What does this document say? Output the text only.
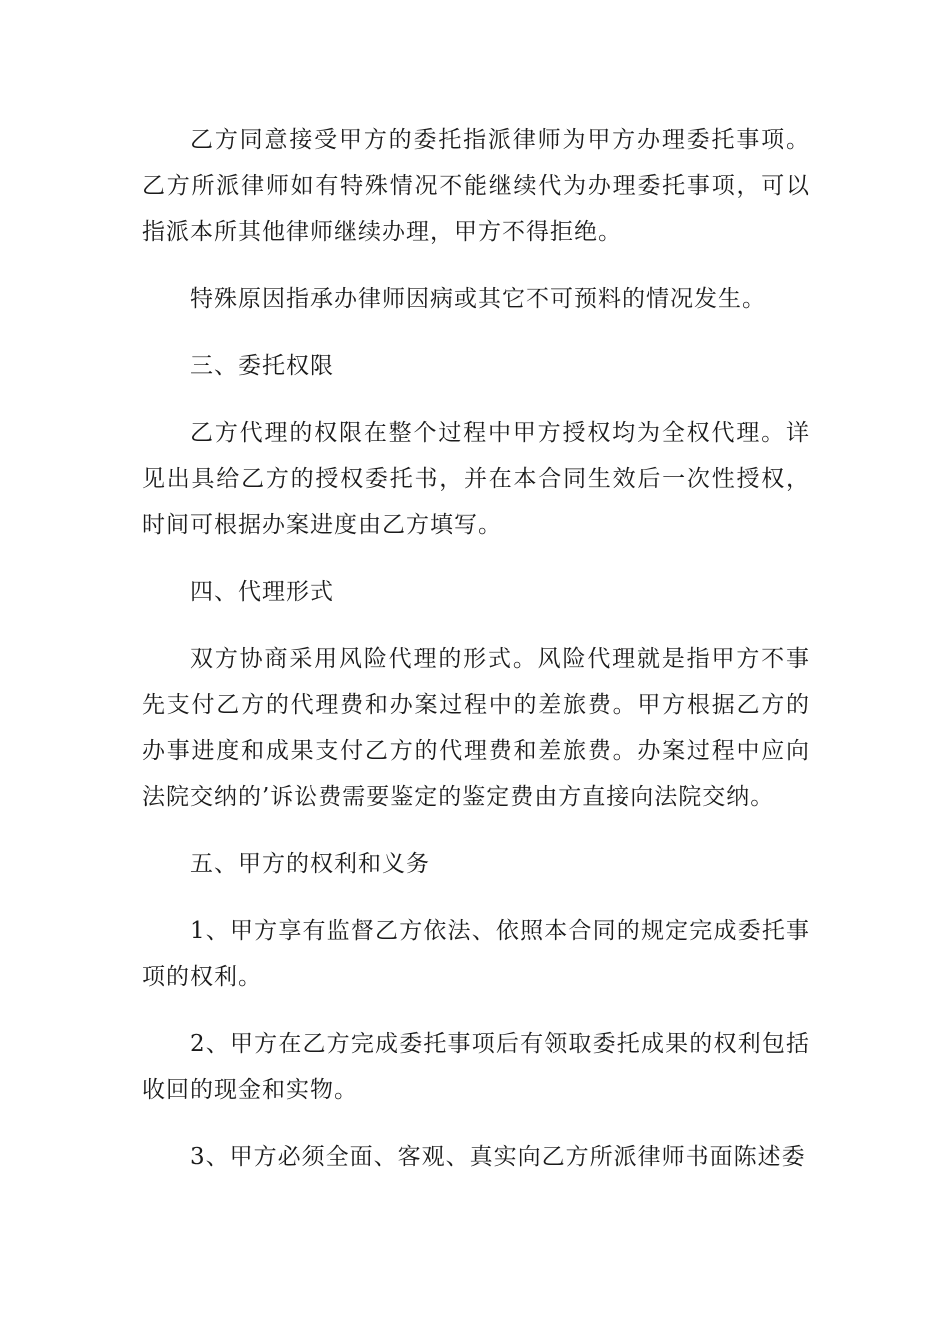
乙方同意接受甲方的委托指派律师为甲方办理委托事项。乙方所派律师如有特殊情况不能继续代为办理委托事项，可以指派本所其他律师继续办理，甲方不得拒绝。

特殊原因指承办律师因病或其它不可预料的情况发生。

三、委托权限

乙方代理的权限在整个过程中甲方授权均为全权代理。详见出具给乙方的授权委托书，并在本合同生效后一次性授权，时间可根据办案进度由乙方填写。

四、代理形式

双方协商采用风险代理的形式。风险代理就是指甲方不事先支付乙方的代理费和办案过程中的差旅费。甲方根据乙方的办事进度和成果支付乙方的代理费和差旅费。办案过程中应向法院交纳的’诉讼费需要鉴定的鉴定费由方直接向法院交纳。

五、甲方的权利和义务

1、甲方享有监督乙方依法、依照本合同的规定完成委托事项的权利。

2、甲方在乙方完成委托事项后有领取委托成果的权利包括收回的现金和实物。

3、甲方必须全面、客观、真实向乙方所派律师书面陈述委
